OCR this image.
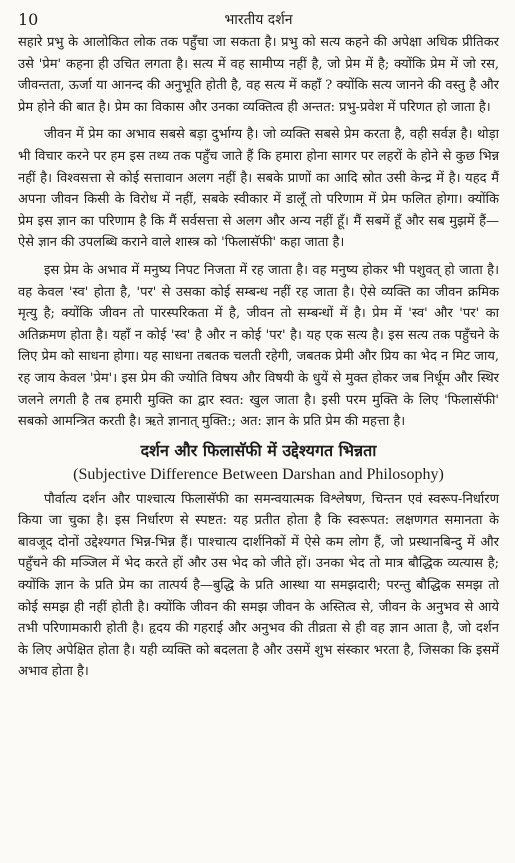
10	भारतीय दर्शन

सहारे प्रभु के आलोकित लोक तक पहुँचा जा सकता है। प्रभु को सत्य कहने की अपेक्षा अधिक प्रीतिकर उसे 'प्रेम' कहना ही उचित लगता है। सत्य में वह सामीप्य नहीं है, जो प्रेम में है; क्योंकि प्रेम में जो रस, जीवन्तता, ऊर्जा या आनन्द की अनुभूति होती है, वह सत्य में कहाँ ? क्योंकि सत्य जानने की वस्तु है और प्रेम होने की बात है। प्रेम का विकास और उनका व्यक्तित्व ही अन्तत: प्रभु-प्रवेश में परिणत हो जाता है।

जीवन में प्रेम का अभाव सबसे बड़ा दुर्भाग्य है। जो व्यक्ति सबसे प्रेम करता है, वही सर्वज्ञ है। थोड़ा भी विचार करने पर हम इस तथ्य तक पहुँच जाते हैं कि हमारा होना सागर पर लहरों के होने से कुछ भिन्न नहीं है। विश्वसत्ता से कोई सत्तावान अलग नहीं है। सबके प्राणों का आदि स्रोत उसी केन्द्र में है। यहद मैं अपना जीवन किसी के विरोध में नहीं, सबके स्वीकार में डालूँ तो परिणाम में प्रेम फलित होगा। क्योंकि प्रेम इस ज्ञान का परिणाम है कि मैं सर्वसत्ता से अलग और अन्य नहीं हूँ। मैं सबमें हूँ और सब मुझमें हैं—ऐसे ज्ञान की उपलब्धि कराने वाले शास्त्र को 'फिलासॅफी' कहा जाता है।

इस प्रेम के अभाव में मनुष्य निपट निजता में रह जाता है। वह मनुष्य होकर भी पशुवत् हो जाता है। वह केवल 'स्व' होता है, 'पर' से उसका कोई सम्बन्ध नहीं रह जाता है। ऐसे व्यक्ति का जीवन क्रमिक मृत्यु है; क्योंकि जीवन तो पारस्परिकता में है, जीवन तो सम्बन्धों में है। प्रेम में 'स्व' और 'पर' का अतिक्रमण होता है। यहाँ न कोई 'स्व' है और न कोई 'पर' है। यह एक सत्य है। इस सत्य तक पहुँचने के लिए प्रेम को साधना होगा। यह साधना तबतक चलती रहेगी, जबतक प्रेमी और प्रिय का भेद न मिट जाय, रह जाय केवल 'प्रेम'। इस प्रेम की ज्योति विषय और विषयी के धुयें से मुक्त होकर जब निर्धूम और स्थिर जलने लगती है तब हमारी मुक्ति का द्वार स्वत: खुल जाता है। इसी परम मुक्ति के लिए 'फिलासॅफी' सबको आमन्त्रित करती है। ऋते ज्ञानात् मुक्ति:; अत: ज्ञान के प्रति प्रेम की महत्ता है।

दर्शन और फिलासॅफी में उद्देश्यगत भिन्नता
(Subjective Difference Between Darshan and Philosophy)

पौर्वात्य दर्शन और पाश्चात्य फिलासॅफी का समन्वयात्मक विश्लेषण, चिन्तन एवं स्वरूप-निर्धारण किया जा चुका है। इस निर्धारण से स्पष्टत: यह प्रतीत होता है कि स्वरूपत: लक्षणगत समानता के बावजूद दोनों उद्देश्यगत भिन्न-भिन्न हैं। पाश्चात्य दार्शनिकों में ऐसे कम लोग हैं, जो प्रस्थानबिन्दु में और पहुँचने की मञ्जिल में भेद करते हों और उस भेद को जीते हों। उनका भेद तो मात्र बौद्धिक व्यत्यास है; क्योंकि ज्ञान के प्रति प्रेम का तात्पर्य है—बुद्धि के प्रति आस्था या समझदारी; परन्तु बौद्धिक समझ तो कोई समझ ही नहीं होती है। क्योंकि जीवन की समझ जीवन के अस्तित्व से, जीवन के अनुभव से आये तभी परिणामकारी होती है। हृदय की गहराई और अनुभव की तीव्रता से ही वह ज्ञान आता है, जो दर्शन के लिए अपेक्षित होता है। यही व्यक्ति को बदलता है और उसमें शुभ संस्कार भरता है, जिसका कि इसमें अभाव होता है।
